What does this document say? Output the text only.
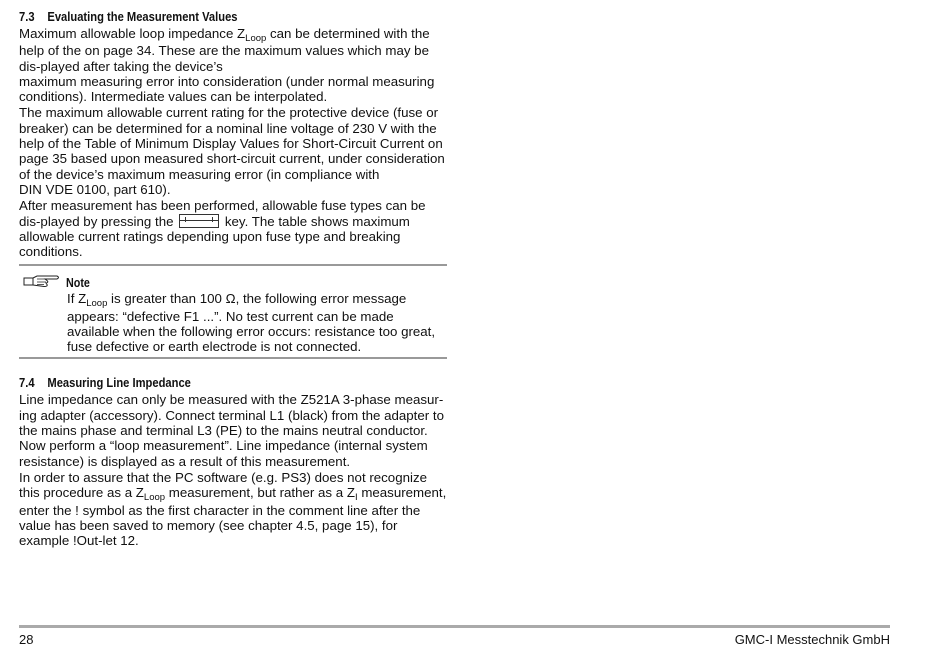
7.3 Evaluating the Measurement Values

Maximum allowable loop impedance $Z_{Loop}$ can be determined with the help of the on page 34. These are the maximum values which may be dis-played after taking the device’s
maximum measuring error into consideration (under normal measuring conditions). Intermediate values can be interpolated.

The maximum allowable current rating for the protective device (fuse or breaker) can be determined for a nominal line voltage of 230 V with the help of the Table of Minimum Display Values for Short-Circuit Current on page 35 based upon measured short-circuit current, under consideration of the device’s maximum measuring error (in compliance with
DIN VDE 0100, part 610).

After measurement has been performed, allowable fuse types can be dis-played by pressing the	key. The table shows maximum allowable current ratings depending upon fuse type and breaking conditions.

Note

If $Z_{Loop}$ is greater than 100 Ω, the following error message appears: “defective F1 ...”. No test current can be made available when the following error occurs: resistance too great, fuse defective or earth electrode is not connected.

7.4 Measuring Line Impedance

Line impedance can only be measured with the Z521A 3-phase measur-ing adapter (accessory). Connect terminal L1 (black) from the adapter to the mains phase and terminal L3 (PE) to the mains neutral conductor. Now perform a “loop measurement”. Line impedance (internal system resistance) is displayed as a result of this measurement.

In order to assure that the PC software (e.g. PS3) does not recognize this procedure as a $Z_{Loop}$ measurement, but rather as a $Z_I$ measurement, enter the ! symbol as the first character in the comment line after the value has been saved to memory (see chapter 4.5, page 15), for example !Out-let 12.

28	GMC-I Messtechnik GmbH
